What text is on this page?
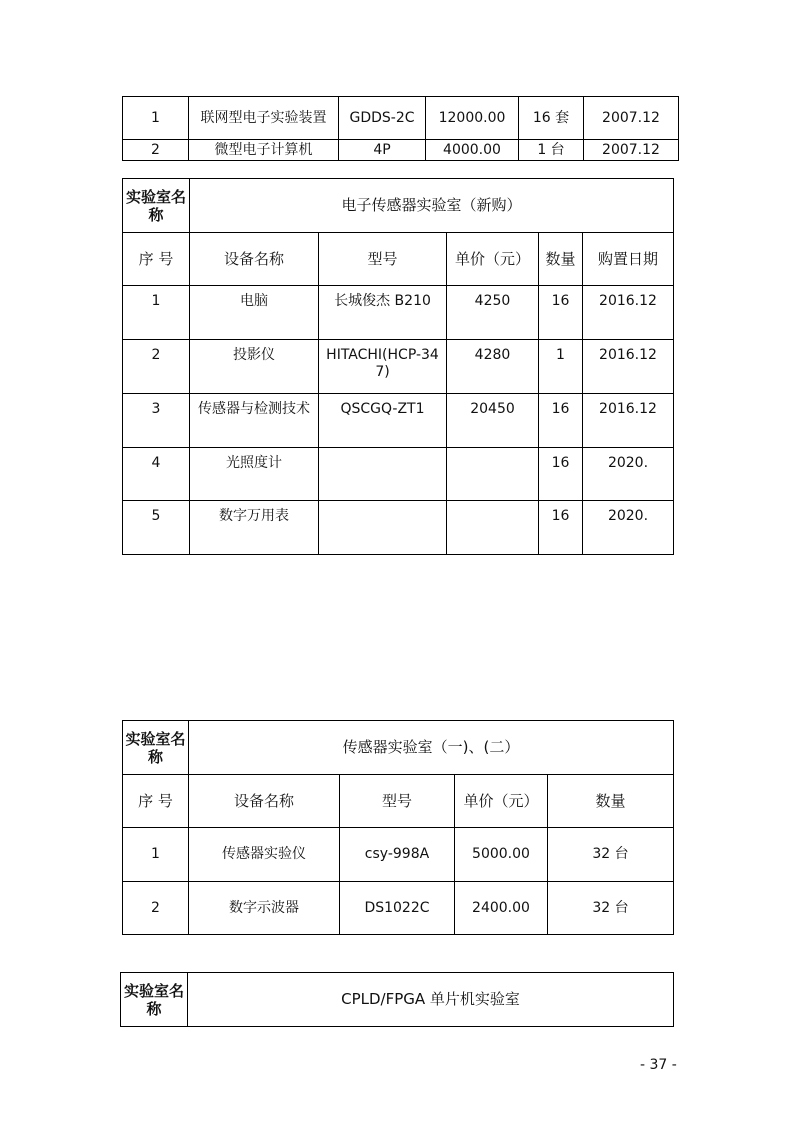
1	联网型电子实验装置	GDDS-2C	12000.00	16 套	2007.12
2	微型电子计算机	4P	4000.00	1 台	2007.12
实验室名称	电子传感器实验室（新购）				
序 号	设备名称	型号	单价（元）	数量	购置日期
1	电脑	长城俊杰 B210	4250	16	2016.12
2	投影仪	HITACHI(HCP-347)	4280	1	2016.12
3	传感器与检测技术	QSCGQ-ZT1	20450	16	2016.12
4	光照度计			16	2020.
5	数字万用表			16	2020.
实验室名称	传感器实验室（一)、(二）			
序 号	设备名称	型号	单价（元）	数量
1	传感器实验仪	csy-998A	5000.00	32 台
2	数字示波器	DS1022C	2400.00	32 台
实验室名称	CPLD/FPGA 单片机实验室
- 37 -
